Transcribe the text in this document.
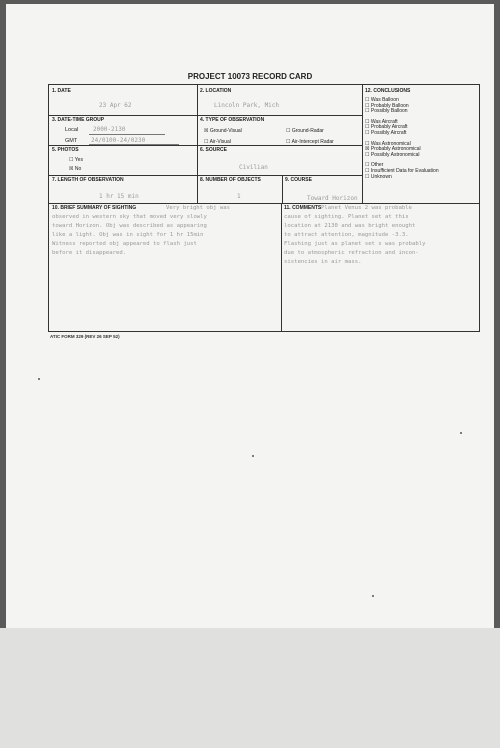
PROJECT 10073 RECORD CARD
1. DATE
23 Apr 62
2. LOCATION
Lincoln Park, Mich
3. DATE-TIME GROUP
Local 2000-2130
GMT 24/0100-24/0230
4. TYPE OF OBSERVATION
☒ Ground-Visual	☐ Ground-Radar
☐ Air-Visual	☐ Air-Intercept Radar
5. PHOTOS
☐ Yes
☒ No
6. SOURCE
Civilian
7. LENGTH OF OBSERVATION
1 hr 15 min
8. NUMBER OF OBJECTS
1
9. COURSE
Toward Horizon
12. CONCLUSIONS
☐ Was Balloon
☐ Probably Balloon
☐ Possibly Balloon
☐ Was Aircraft
☐ Probably Aircraft
☐ Possibly Aircraft
☐ Was Astronomical
☒ Probably Astronomical
☐ Possibly Astronomical
☐ Other
☐ Insufficient Data for Evaluation
☐ Unknown
10. BRIEF SUMMARY OF SIGHTING	Very bright obj was
observed in western sky that moved very slowly
toward Horizon. Obj was described as appearing
like a light. Obj was in sight for 1 hr 15min
Witness reported obj appeared to flash just
before it disappeared.
11. COMMENTS Planet Venus 2 was probable
cause of sighting. Planet set at this
location at 2130 and was bright enought
to attract attention, magnitude -3.3.
Flashing just as planet set s was probably
due to atmospheric refraction and incon-
sistencies in air mass.
ATIC FORM 329 (REV 26 SEP 52)
